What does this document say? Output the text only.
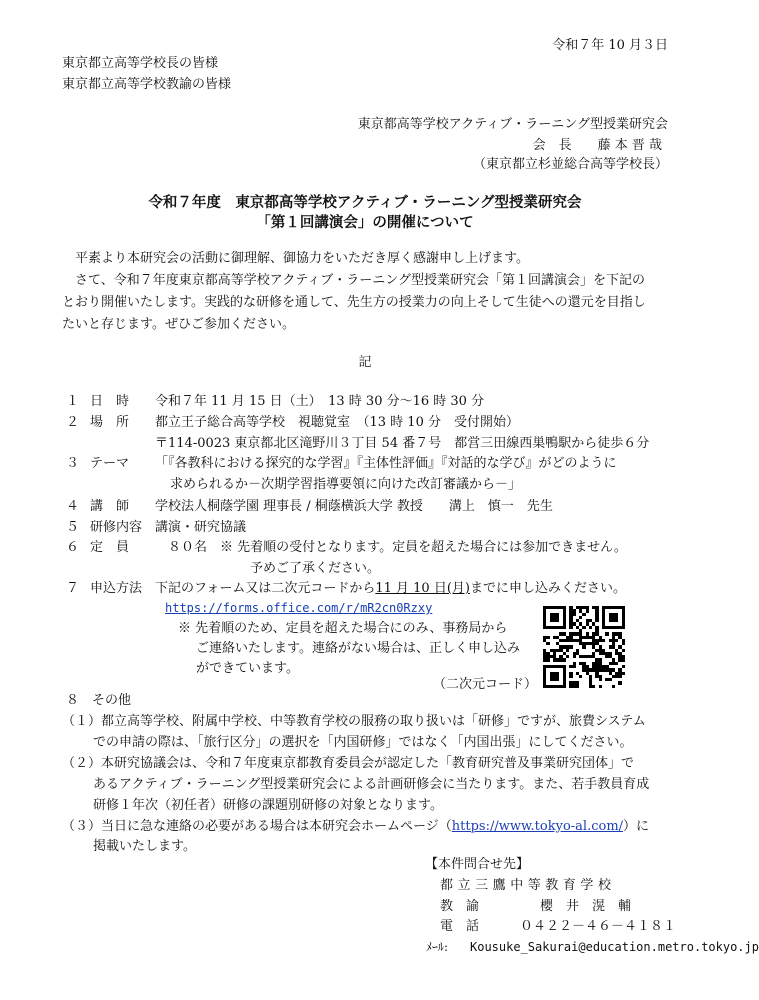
令和７年 10 月３日
東京都立高等学校長の皆様
東京都立高等学校教諭の皆様
東京都高等学校アクティブ・ラーニング型授業研究会
会　長　　藤 本 晋 哉
（東京都立杉並総合高等学校長）
令和７年度　東京都高等学校アクティブ・ラーニング型授業研究会
「第１回講演会」の開催について
　平素より本研究会の活動に御理解、御協力をいただき厚く感謝申し上げます。
　さて、令和７年度東京都高等学校アクティブ・ラーニング型授業研究会「第１回講演会」を下記の
とおり開催いたします。実践的な研修を通して、先生方の授業力の向上そして生徒への還元を目指し
たいと存じます。ぜひご参加ください。
記
１ 日　時 令和７年 11 月 15 日（土）　13 時 30 分～16 時 30 分
２ 場　所 都立王子総合高等学校　視聴覚室　（13 時 10 分　受付開始）
〒114-0023 東京都北区滝野川３丁目 54 番７号　都営三田線西巣鴨駅から徒歩６分
３ テーマ 「『各教科における探究的な学習』『主体性評価』『対話的な学び』がどのように
求められるか－次期学習指導要領に向けた改訂審議から－」
４ 講　師 学校法人桐蔭学園 理事長 / 桐蔭横浜大学 教授　　溝上　慎一　先生
５ 研修内容 講演・研究協議
６ 定　員 　８０名　※ 先着順の受付となります。定員を超えた場合には参加できません。
予めご了承ください。
７ 申込方法 下記のフォーム又は二次元コードから11 月 10 日(月)までに申し込みください。
https://forms.office.com/r/mR2cn0Rzxy
※ 先着順のため、定員を超えた場合にのみ、事務局から
ご連絡いたします。連絡がない場合は、正しく申し込み
ができています。
（二次元コード）
８　その他
（１）都立高等学校、附属中学校、中等教育学校の服務の取り扱いは「研修」ですが、旅費システム
での申請の際は、「旅行区分」の選択を「内国研修」ではなく「内国出張」にしてください。
（２）本研究協議会は、令和７年度東京都教育委員会が認定した「教育研究普及事業研究団体」で
あるアクティブ・ラーニング型授業研究会による計画研修会に当たります。また、若手教員育成
研修１年次（初任者）研修の課題別研修の対象となります。
（３）当日に急な連絡の必要がある場合は本研究会ホームページ（https://www.tokyo-al.com/）に
掲載いたします。
【本件問合せ先】
都立三鷹中等教育学校
教　諭	櫻　井　滉　輔
電　話	０４２２－４６－４１８１
ﾒｰﾙ: Kousuke_Sakurai@education.metro.tokyo.jp
